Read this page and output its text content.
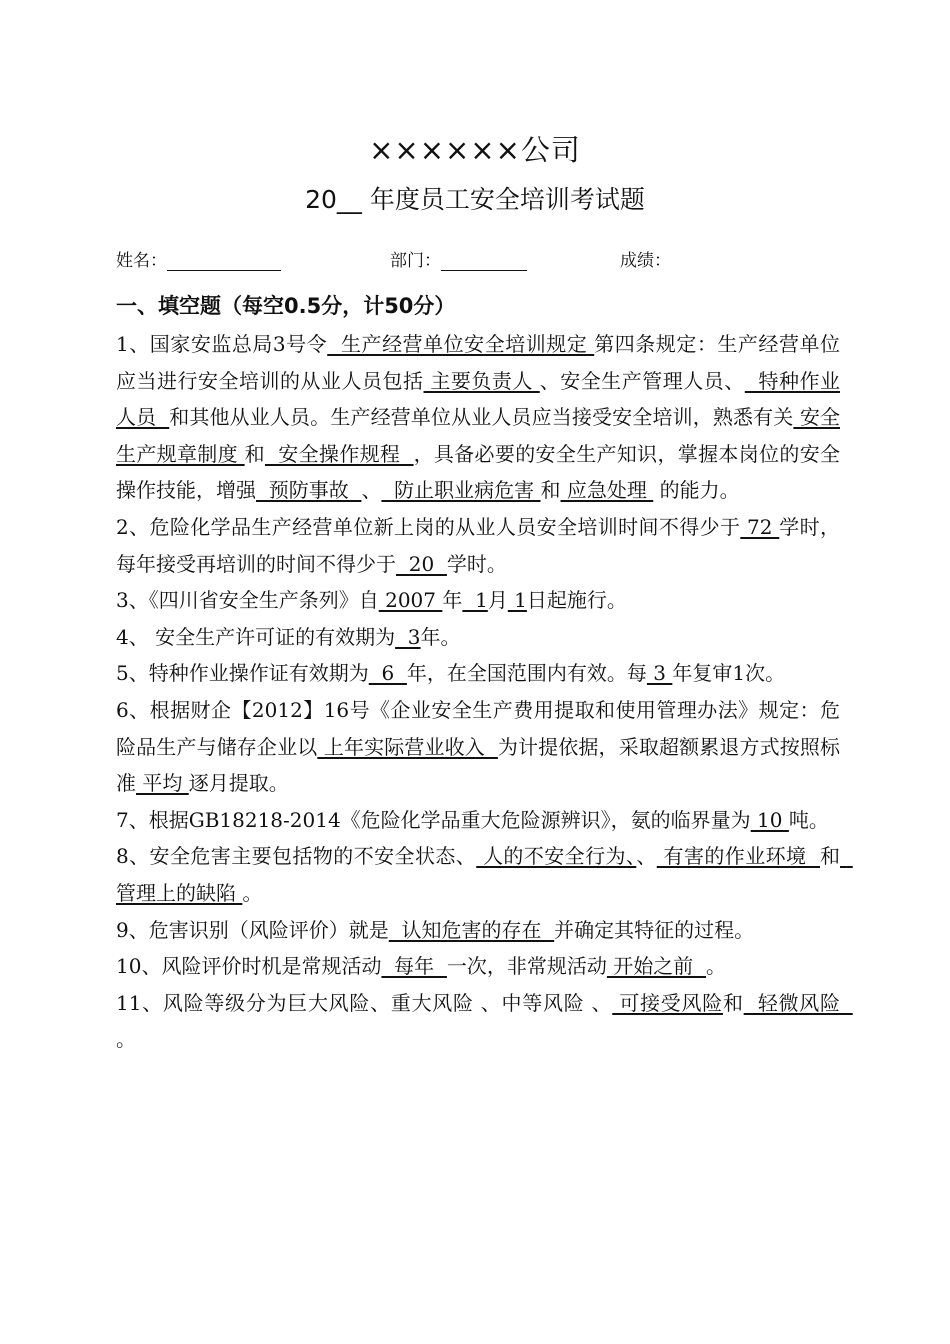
××××××公司
20__ 年度员工安全培训考试题
姓名：	部门：	成绩：
一、填空题（每空0.5分，计50分）

1、国家安监总局3号令  生产经营单位安全培训规定 第四条规定：生产经营单位应当进行安全培训的从业人员包括 主要负责人 、安全生产管理人员、  特种作业人员  和其他从业人员。生产经营单位从业人员应当接受安全培训，熟悉有关 安全生产规章制度 和  安全操作规程  ，具备必要的安全生产知识，掌握本岗位的安全操作技能，增强  预防事故  、  防止职业病危害 和 应急处理  的能力。

2、危险化学品生产经营单位新上岗的从业人员安全培训时间不得少于 72 学时，每年接受再培训的时间不得少于  20  学时。

3、《四川省安全生产条列》自 2007 年  1月 1日起施行。

4、 安全生产许可证的有效期为  3年。

5、特种作业操作证有效期为  6  年，在全国范围内有效。每 3 年复审1次。

6、根据财企【2012】16号《企业安全生产费用提取和使用管理办法》规定：危险品生产与储存企业以 上年实际营业收入  为计提依据，采取超额累退方式按照标准 平均 逐月提取。

7、根据GB18218-2014《危险化学品重大危险源辨识》，氨的临界量为 10 吨。

8、安全危害主要包括物的不安全状态、 人的不安全行为、、 有害的作业环境  和  管理上的缺陷 。

9、危害识别（风险评价）就是  认知危害的存在  并确定其特征的过程。

10、风险评价时机是常规活动  每年  一次，非常规活动 开始之前  。

11、风险等级分为巨大风险、重大风险 、中等风险 、 可接受风险和  轻微风险  。
